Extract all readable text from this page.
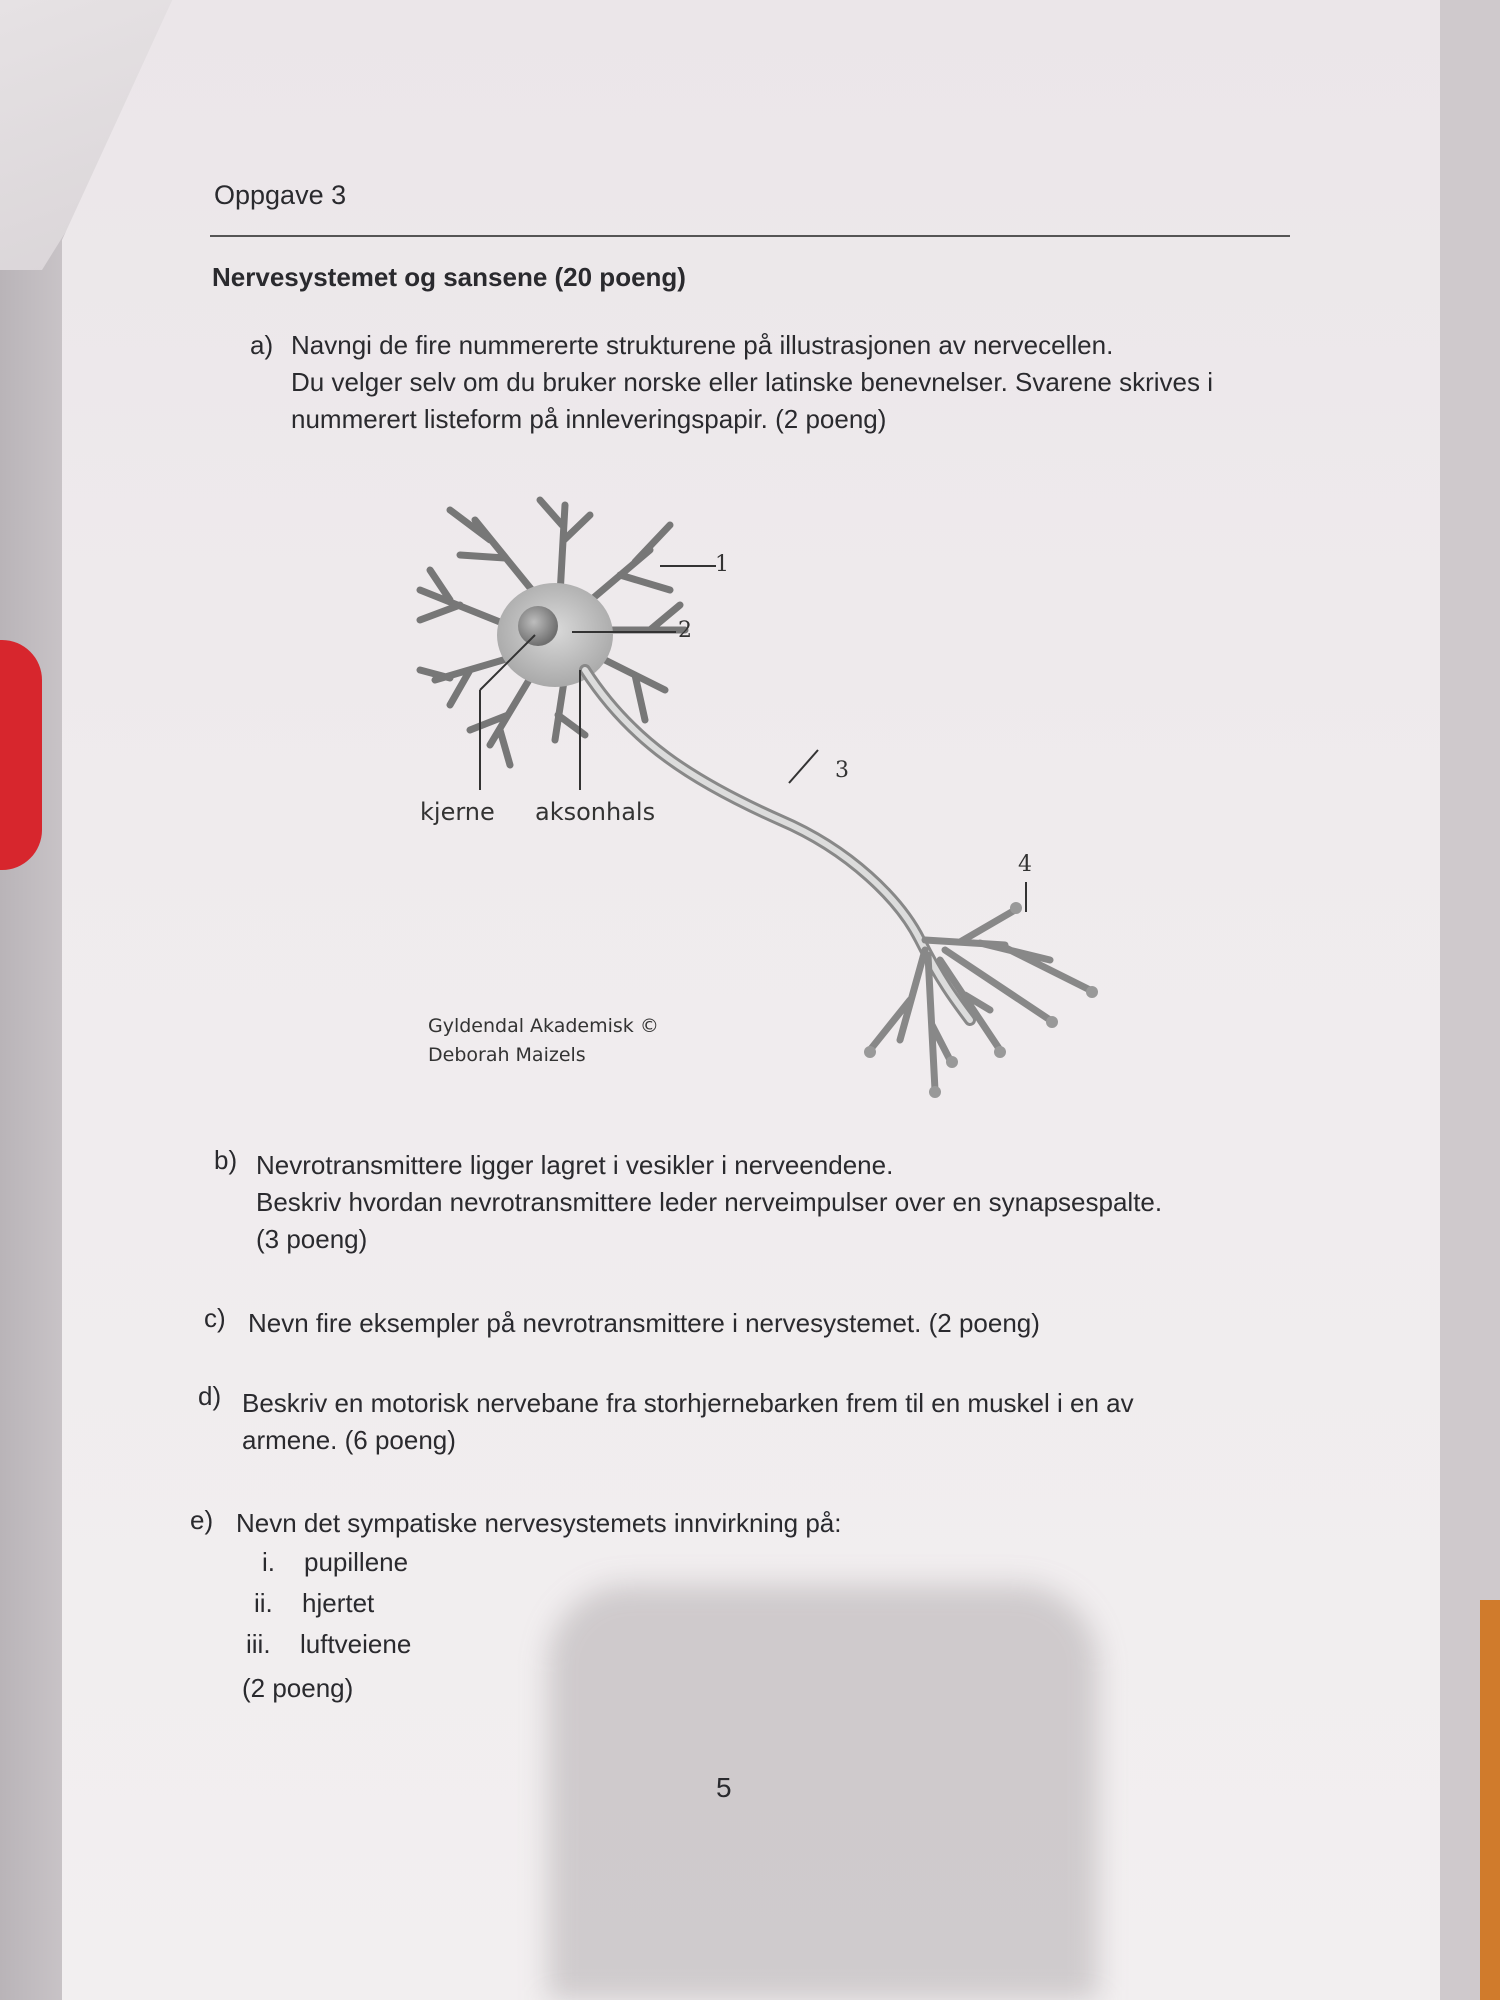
Oppgave 3
Nervesystemet og sansene (20 poeng)
a) Navngi de fire nummererte strukturene på illustrasjonen av nervecellen.
Du velger selv om du bruker norske eller latinske benevnelser. Svarene skrives i
nummerert listeform på innleveringspapir. (2 poeng)
1
2
3
4
kjerne aksonhals
Gyldendal Akademisk ©
Deborah Maizels
b) Nevrotransmittere ligger lagret i vesikler i nerveendene.
Beskriv hvordan nevrotransmittere leder nerveimpulser over en synapsespalte.
(3 poeng)
c) Nevn fire eksempler på nevrotransmittere i nervesystemet. (2 poeng)
d) Beskriv en motorisk nervebane fra storhjernebarken frem til en muskel i en av
armene. (6 poeng)
e) Nevn det sympatiske nervesystemets innvirkning på:
i. pupillene
ii. hjertet
iii. luftveiene
(2 poeng)
5
